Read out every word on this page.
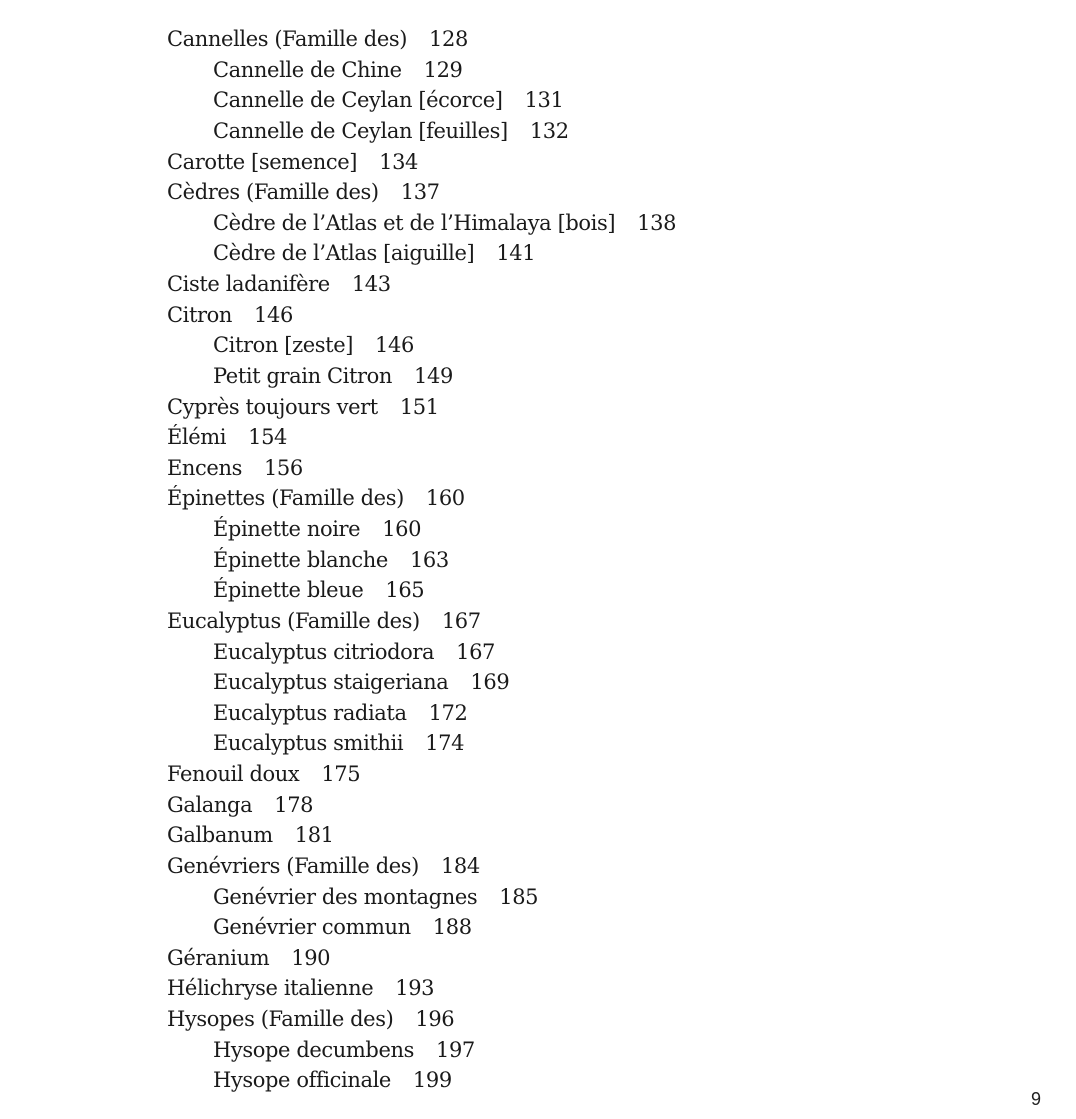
Cannelles (Famille des) 128
Cannelle de Chine 129
Cannelle de Ceylan [écorce] 131
Cannelle de Ceylan [feuilles] 132
Carotte [semence] 134
Cèdres (Famille des) 137
Cèdre de l’Atlas et de l’Himalaya [bois] 138
Cèdre de l’Atlas [aiguille] 141
Ciste ladanifère 143
Citron 146
Citron [zeste] 146
Petit grain Citron 149
Cyprès toujours vert 151
Élémi 154
Encens 156
Épinettes (Famille des) 160
Épinette noire 160
Épinette blanche 163
Épinette bleue 165
Eucalyptus (Famille des) 167
Eucalyptus citriodora 167
Eucalyptus staigeriana 169
Eucalyptus radiata 172
Eucalyptus smithii 174
Fenouil doux 175
Galanga 178
Galbanum 181
Genévriers (Famille des) 184
Genévrier des montagnes 185
Genévrier commun 188
Géranium 190
Hélichryse italienne 193
Hysopes (Famille des) 196
Hysope decumbens 197
Hysope officinale 199
9
